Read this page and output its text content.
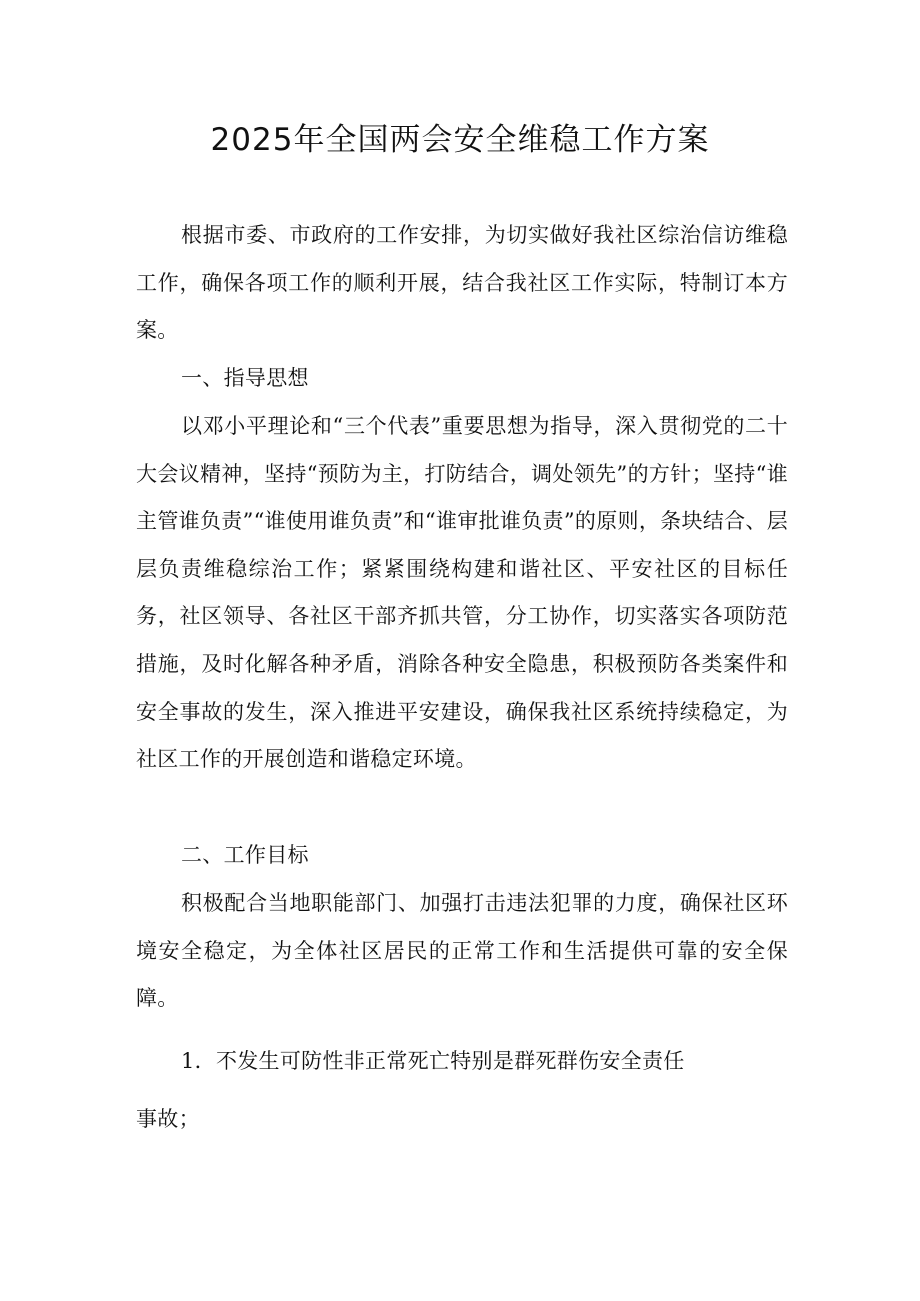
2025年全国两会安全维稳工作方案

根据市委、市政府的工作安排，为切实做好我社区综治信访维稳工作，确保各项工作的顺利开展，结合我社区工作实际，特制订本方案。

一、指导思想

以邓小平理论和“三个代表”重要思想为指导，深入贯彻党的二十大会议精神，坚持“预防为主，打防结合，调处领先”的方针；坚持“谁主管谁负责”“谁使用谁负责”和“谁审批谁负责”的原则，条块结合、层层负责维稳综治工作；紧紧围绕构建和谐社区、平安社区的目标任务，社区领导、各社区干部齐抓共管，分工协作，切实落实各项防范措施，及时化解各种矛盾，消除各种安全隐患，积极预防各类案件和安全事故的发生，深入推进平安建设，确保我社区系统持续稳定，为社区工作的开展创造和谐稳定环境。

二、工作目标

积极配合当地职能部门、加强打击违法犯罪的力度，确保社区环境安全稳定，为全体社区居民的正常工作和生活提供可靠的安全保障。

1．不发生可防性非正常死亡特别是群死群伤安全责任

事故；
